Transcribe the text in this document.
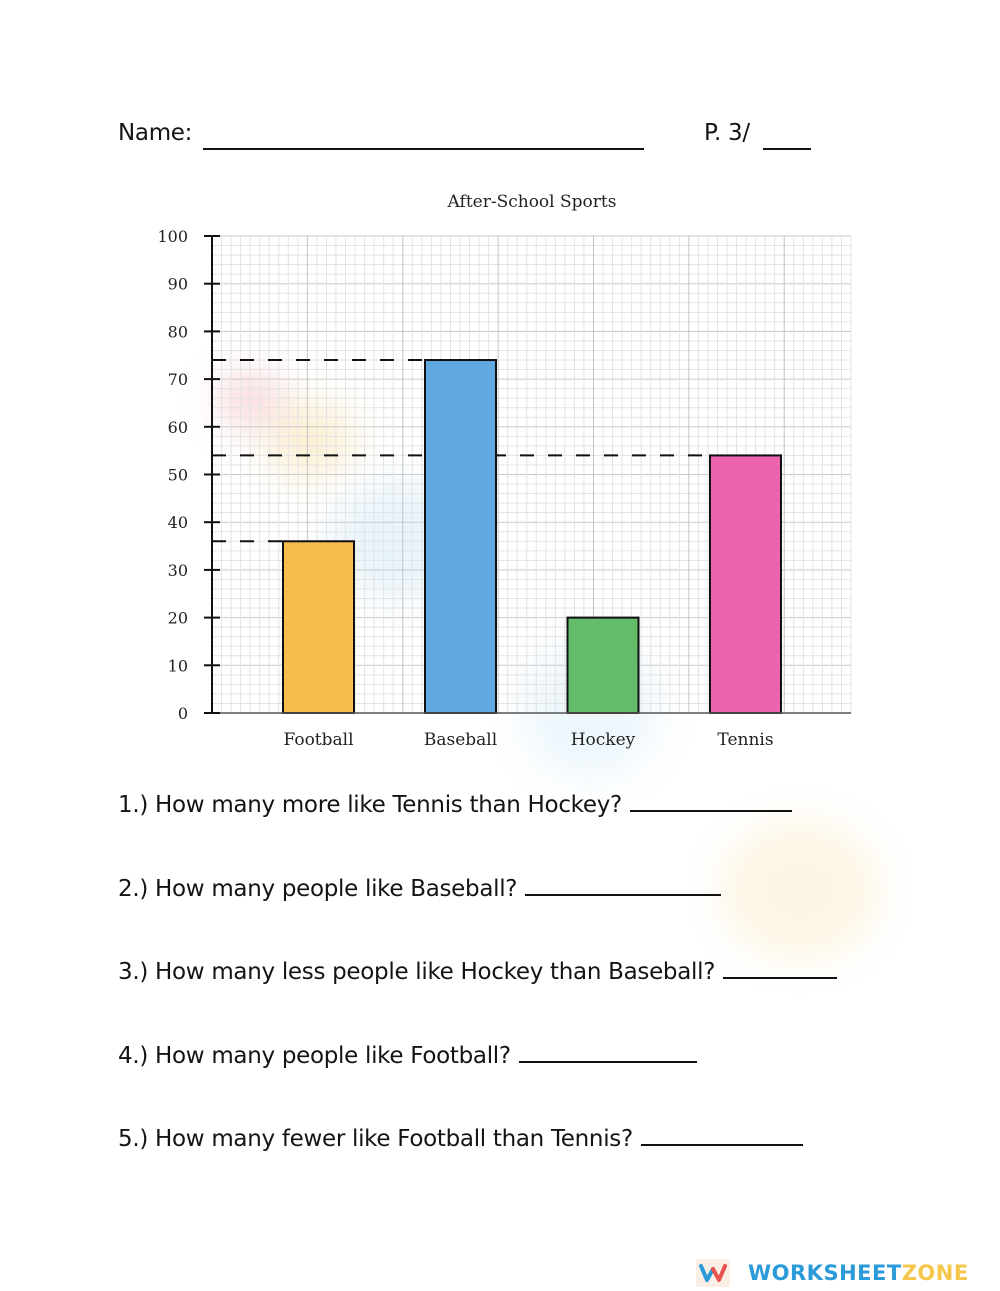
Name:	P. 3/
After-School Sports
0
10
20
30
40
50
60
70
80
90
100
Football	Baseball	Hockey	Tennis
1.) How many more like Tennis than Hockey?
2.) How many people like Baseball?
3.) How many less people like Hockey than Baseball?
4.) How many people like Football?
5.) How many fewer like Football than Tennis?
WORKSHEETZONE
